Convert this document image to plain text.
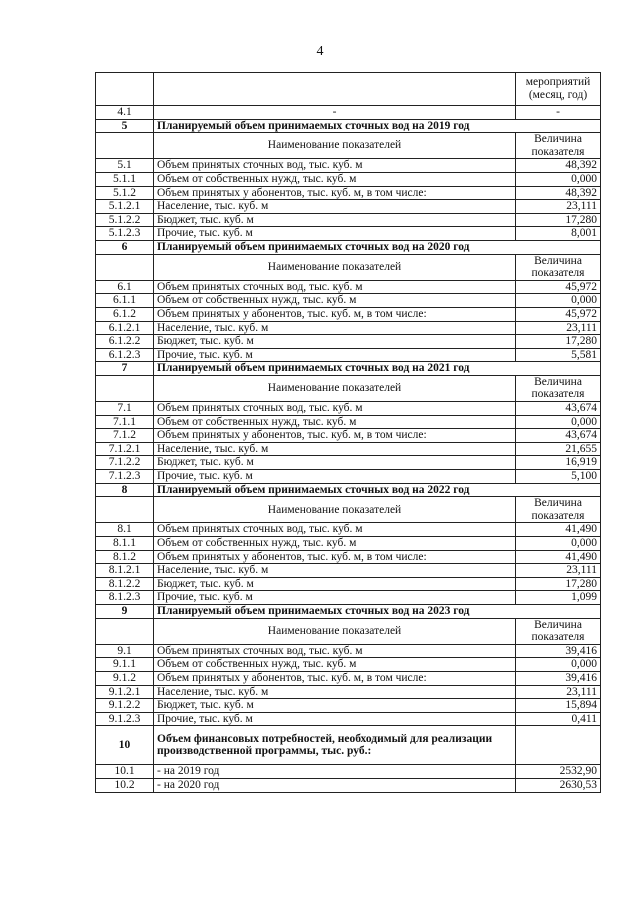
4
		мероприятий (месяц, год)
4.1	-	-
5	Планируемый объем принимаемых сточных вод на 2019 год	
	Наименование показателей	Величина показателя
5.1	Объем принятых сточных вод, тыс. куб. м	48,392
5.1.1	Объем от собственных нужд, тыс. куб. м	0,000
5.1.2	Объем принятых у абонентов, тыс. куб. м, в том числе:	48,392
5.1.2.1	Население, тыс. куб. м	23,111
5.1.2.2	Бюджет, тыс. куб. м	17,280
5.1.2.3	Прочие, тыс. куб. м	8,001
6	Планируемый объем принимаемых сточных вод на 2020 год	
	Наименование показателей	Величина показателя
6.1	Объем принятых сточных вод, тыс. куб. м	45,972
6.1.1	Объем от собственных нужд, тыс. куб. м	0,000
6.1.2	Объем принятых у абонентов, тыс. куб. м, в том числе:	45,972
6.1.2.1	Население, тыс. куб. м	23,111
6.1.2.2	Бюджет, тыс. куб. м	17,280
6.1.2.3	Прочие, тыс. куб. м	5,581
7	Планируемый объем принимаемых сточных вод на 2021 год	
	Наименование показателей	Величина показателя
7.1	Объем принятых сточных вод, тыс. куб. м	43,674
7.1.1	Объем от собственных нужд, тыс. куб. м	0,000
7.1.2	Объем принятых у абонентов, тыс. куб. м, в том числе:	43,674
7.1.2.1	Население, тыс. куб. м	21,655
7.1.2.2	Бюджет, тыс. куб. м	16,919
7.1.2.3	Прочие, тыс. куб. м	5,100
8	Планируемый объем принимаемых сточных вод на 2022 год	
	Наименование показателей	Величина показателя
8.1	Объем принятых сточных вод, тыс. куб. м	41,490
8.1.1	Объем от собственных нужд, тыс. куб. м	0,000
8.1.2	Объем принятых у абонентов, тыс. куб. м, в том числе:	41,490
8.1.2.1	Население, тыс. куб. м	23,111
8.1.2.2	Бюджет, тыс. куб. м	17,280
8.1.2.3	Прочие, тыс. куб. м	1,099
9	Планируемый объем принимаемых сточных вод на 2023 год	
	Наименование показателей	Величина показателя
9.1	Объем принятых сточных вод, тыс. куб. м	39,416
9.1.1	Объем от собственных нужд, тыс. куб. м	0,000
9.1.2	Объем принятых у абонентов, тыс. куб. м, в том числе:	39,416
9.1.2.1	Население, тыс. куб. м	23,111
9.1.2.2	Бюджет, тыс. куб. м	15,894
9.1.2.3	Прочие, тыс. куб. м	0,411
10	Объем финансовых потребностей, необходимый для реализации производственной программы, тыс. руб.:	
10.1	- на 2019 год	2532,90
10.2	- на 2020 год	2630,53
